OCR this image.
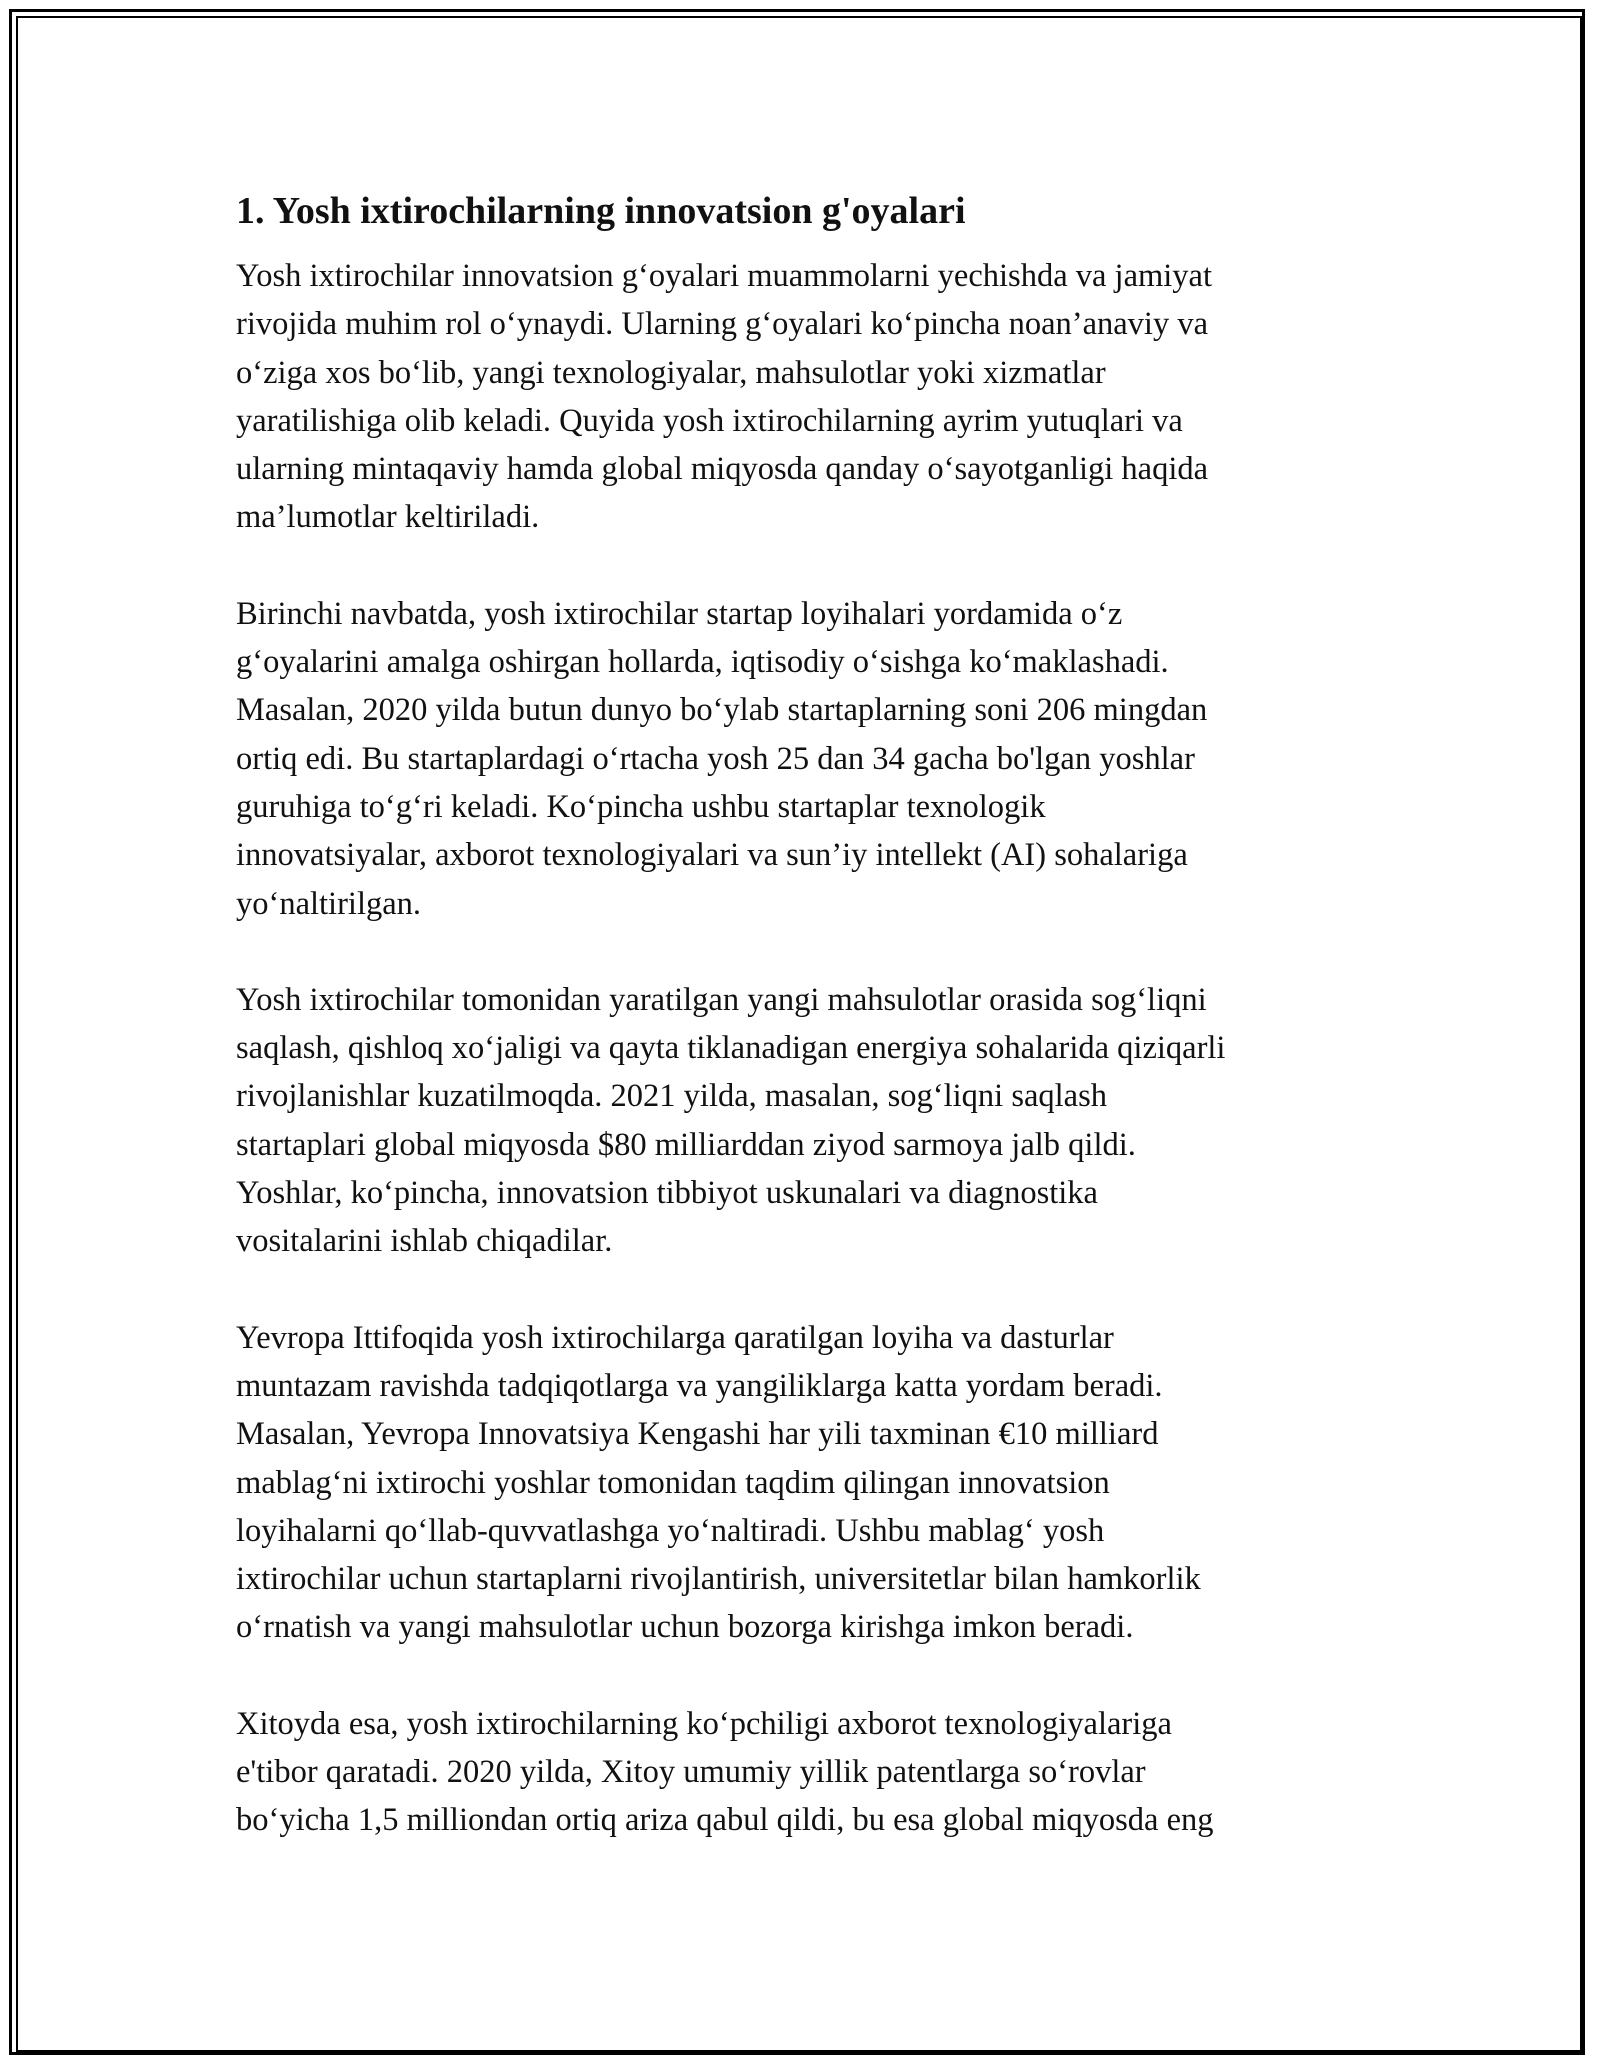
1. Yosh ixtirochilarning innovatsion g'oyalari
Yosh ixtirochilar innovatsion g‘oyalari muammolarni yechishda va jamiyat
rivojida muhim rol o‘ynaydi. Ularning g‘oyalari ko‘pincha noan’anaviy va
o‘ziga xos bo‘lib, yangi texnologiyalar, mahsulotlar yoki xizmatlar
yaratilishiga olib keladi. Quyida yosh ixtirochilarning ayrim yutuqlari va
ularning mintaqaviy hamda global miqyosda qanday o‘sayotganligi haqida
ma’lumotlar keltiriladi.
Birinchi navbatda, yosh ixtirochilar startap loyihalari yordamida o‘z
g‘oyalarini amalga oshirgan hollarda, iqtisodiy o‘sishga ko‘maklashadi.
Masalan, 2020 yilda butun dunyo bo‘ylab startaplarning soni 206 mingdan
ortiq edi. Bu startaplardagi o‘rtacha yosh 25 dan 34 gacha bo'lgan yoshlar
guruhiga to‘g‘ri keladi. Ko‘pincha ushbu startaplar texnologik
innovatsiyalar, axborot texnologiyalari va sun’iy intellekt (AI) sohalariga
yo‘naltirilgan.
Yosh ixtirochilar tomonidan yaratilgan yangi mahsulotlar orasida sog‘liqni
saqlash, qishloq xo‘jaligi va qayta tiklanadigan energiya sohalarida qiziqarli
rivojlanishlar kuzatilmoqda. 2021 yilda, masalan, sog‘liqni saqlash
startaplari global miqyosda $80 milliarddan ziyod sarmoya jalb qildi.
Yoshlar, ko‘pincha, innovatsion tibbiyot uskunalari va diagnostika
vositalarini ishlab chiqadilar.
Yevropa Ittifoqida yosh ixtirochilarga qaratilgan loyiha va dasturlar
muntazam ravishda tadqiqotlarga va yangiliklarga katta yordam beradi.
Masalan, Yevropa Innovatsiya Kengashi har yili taxminan €10 milliard
mablag‘ni ixtirochi yoshlar tomonidan taqdim qilingan innovatsion
loyihalarni qo‘llab-quvvatlashga yo‘naltiradi. Ushbu mablag‘ yosh
ixtirochilar uchun startaplarni rivojlantirish, universitetlar bilan hamkorlik
o‘rnatish va yangi mahsulotlar uchun bozorga kirishga imkon beradi.
Xitoyda esa, yosh ixtirochilarning ko‘pchiligi axborot texnologiyalariga
e'tibor qaratadi. 2020 yilda, Xitoy umumiy yillik patentlarga so‘rovlar
bo‘yicha 1,5 milliondan ortiq ariza qabul qildi, bu esa global miqyosda eng
